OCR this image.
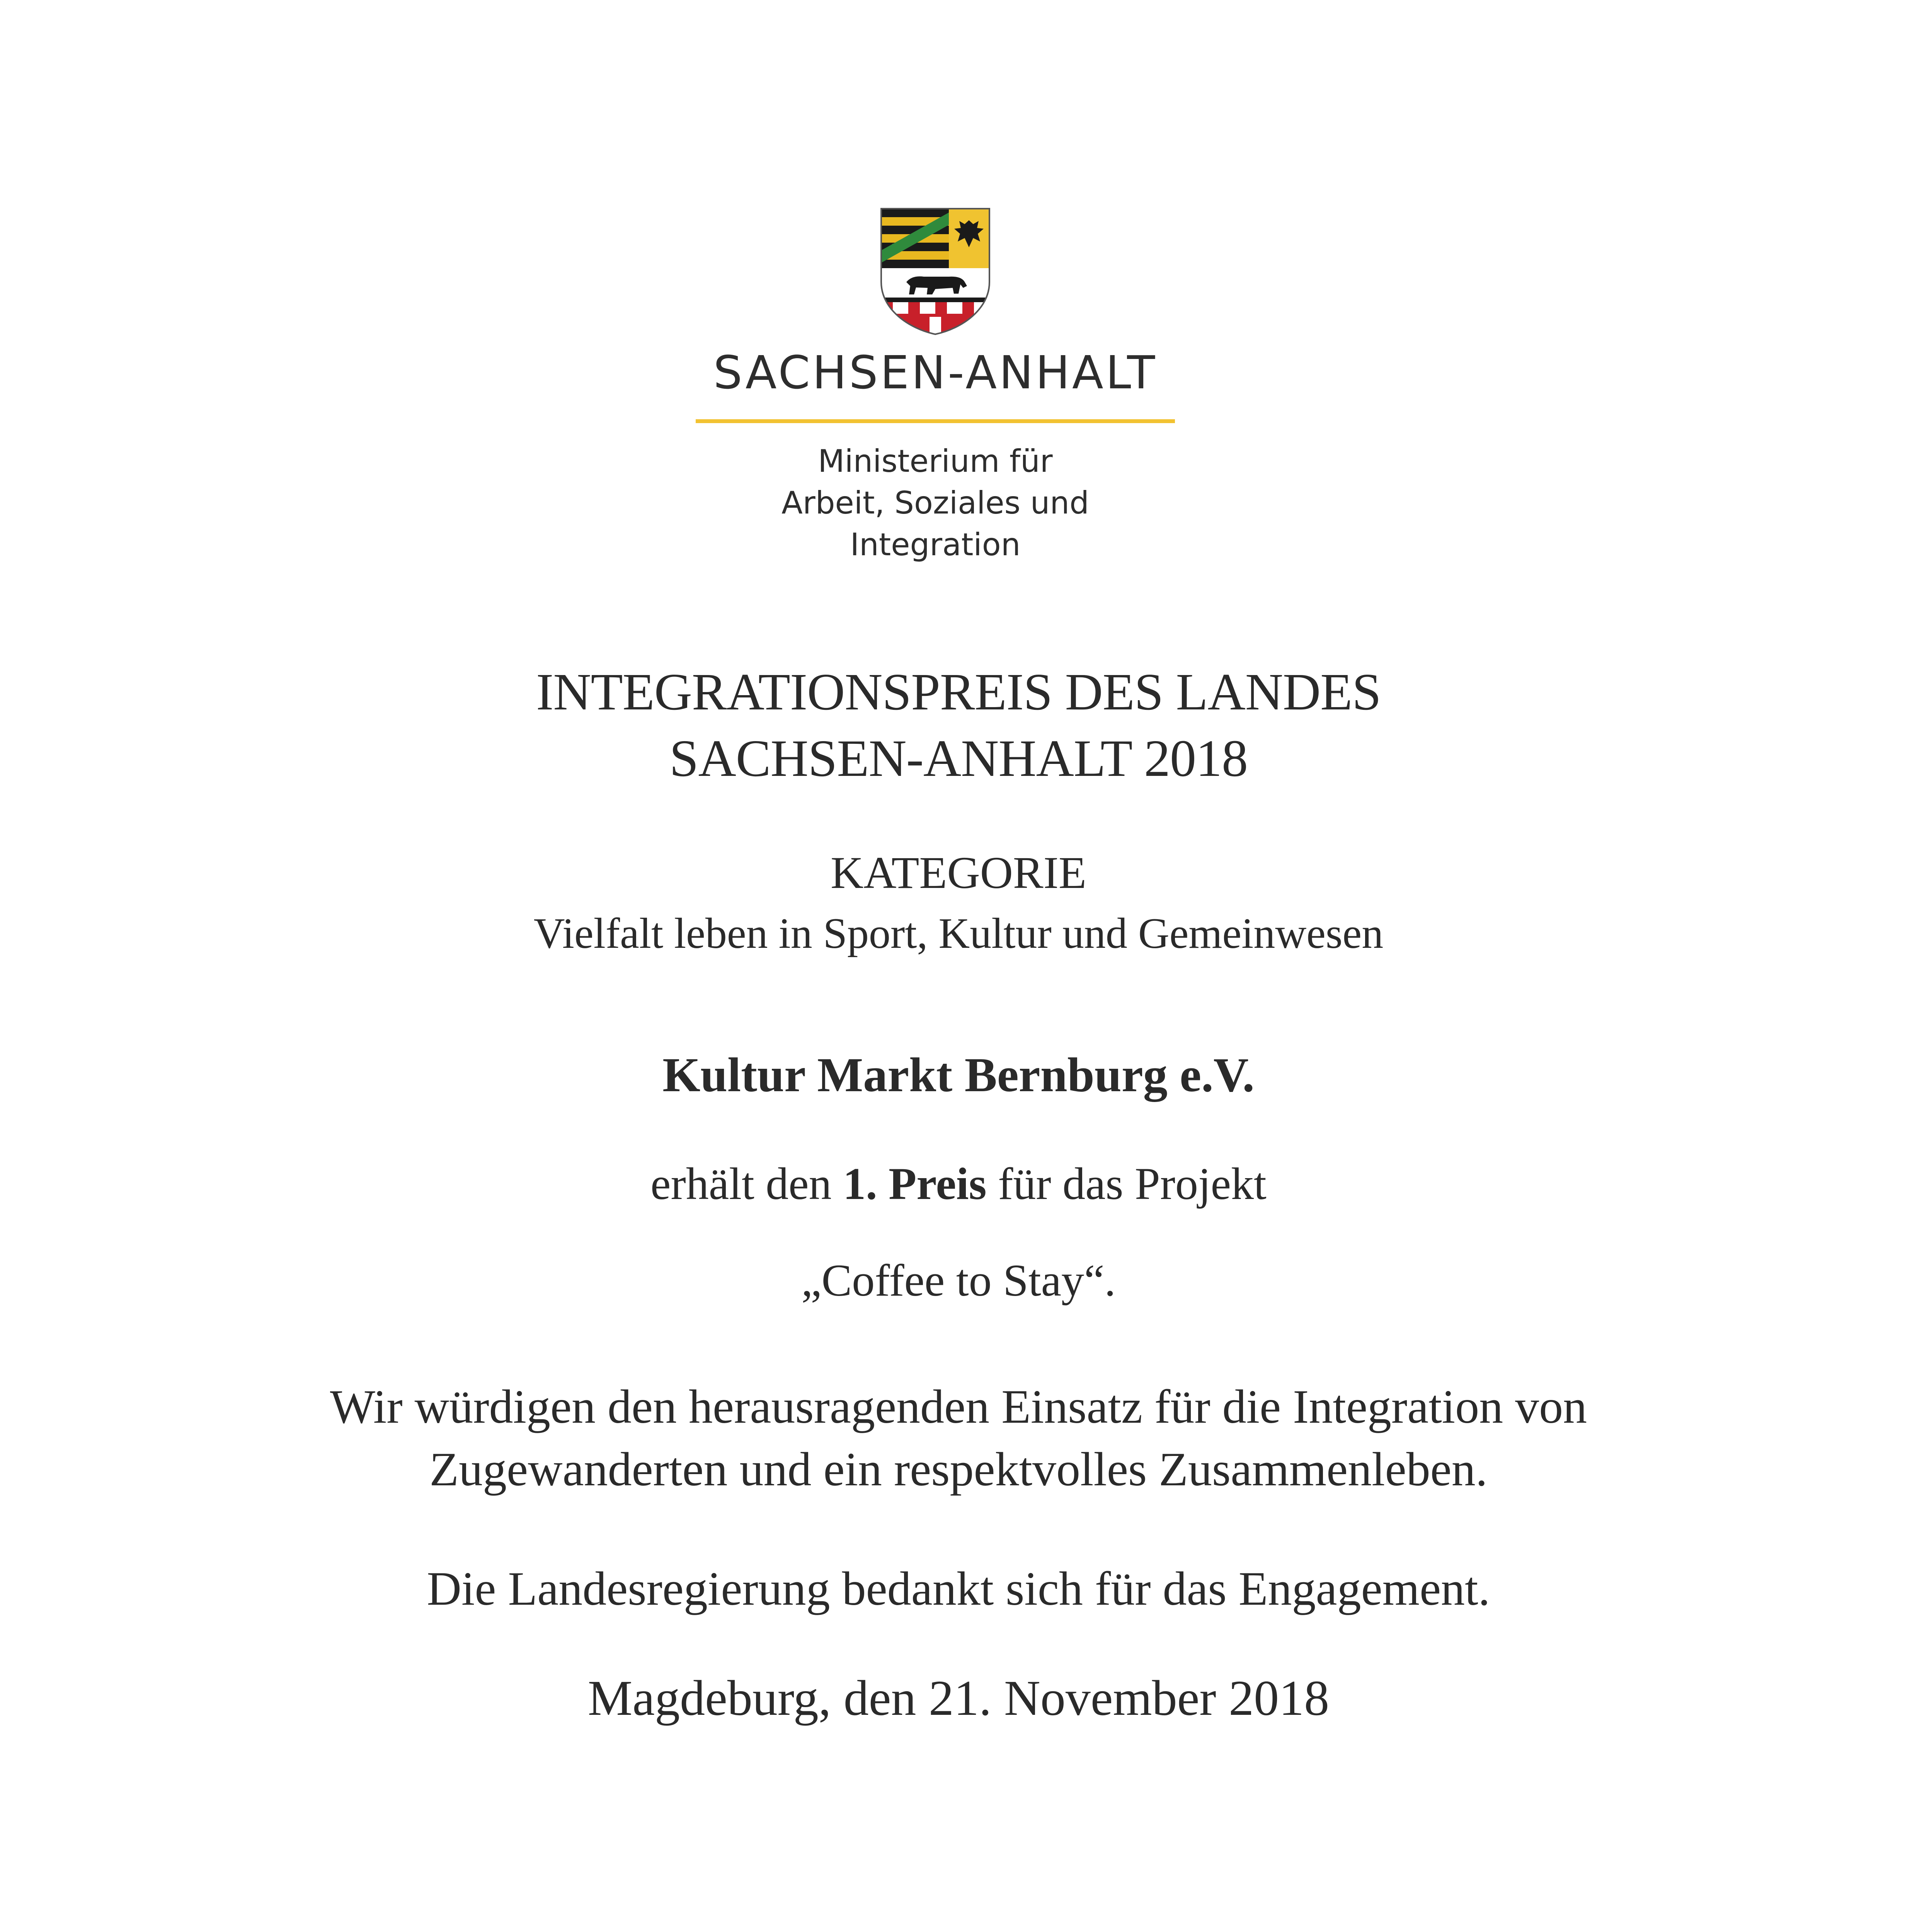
SACHSEN-ANHALT
Ministerium für
Arbeit, Soziales und
Integration
INTEGRATIONSPREIS DES LANDES
SACHSEN-ANHALT 2018
KATEGORIE
Vielfalt leben in Sport, Kultur und Gemeinwesen
Kultur Markt Bernburg e.V.
erhält den 1. Preis für das Projekt
„Coffee to Stay“.
Wir würdigen den herausragenden Einsatz für die Integration von
Zugewanderten und ein respektvolles Zusammenleben.
Die Landesregierung bedankt sich für das Engagement.
Magdeburg, den 21. November 2018
